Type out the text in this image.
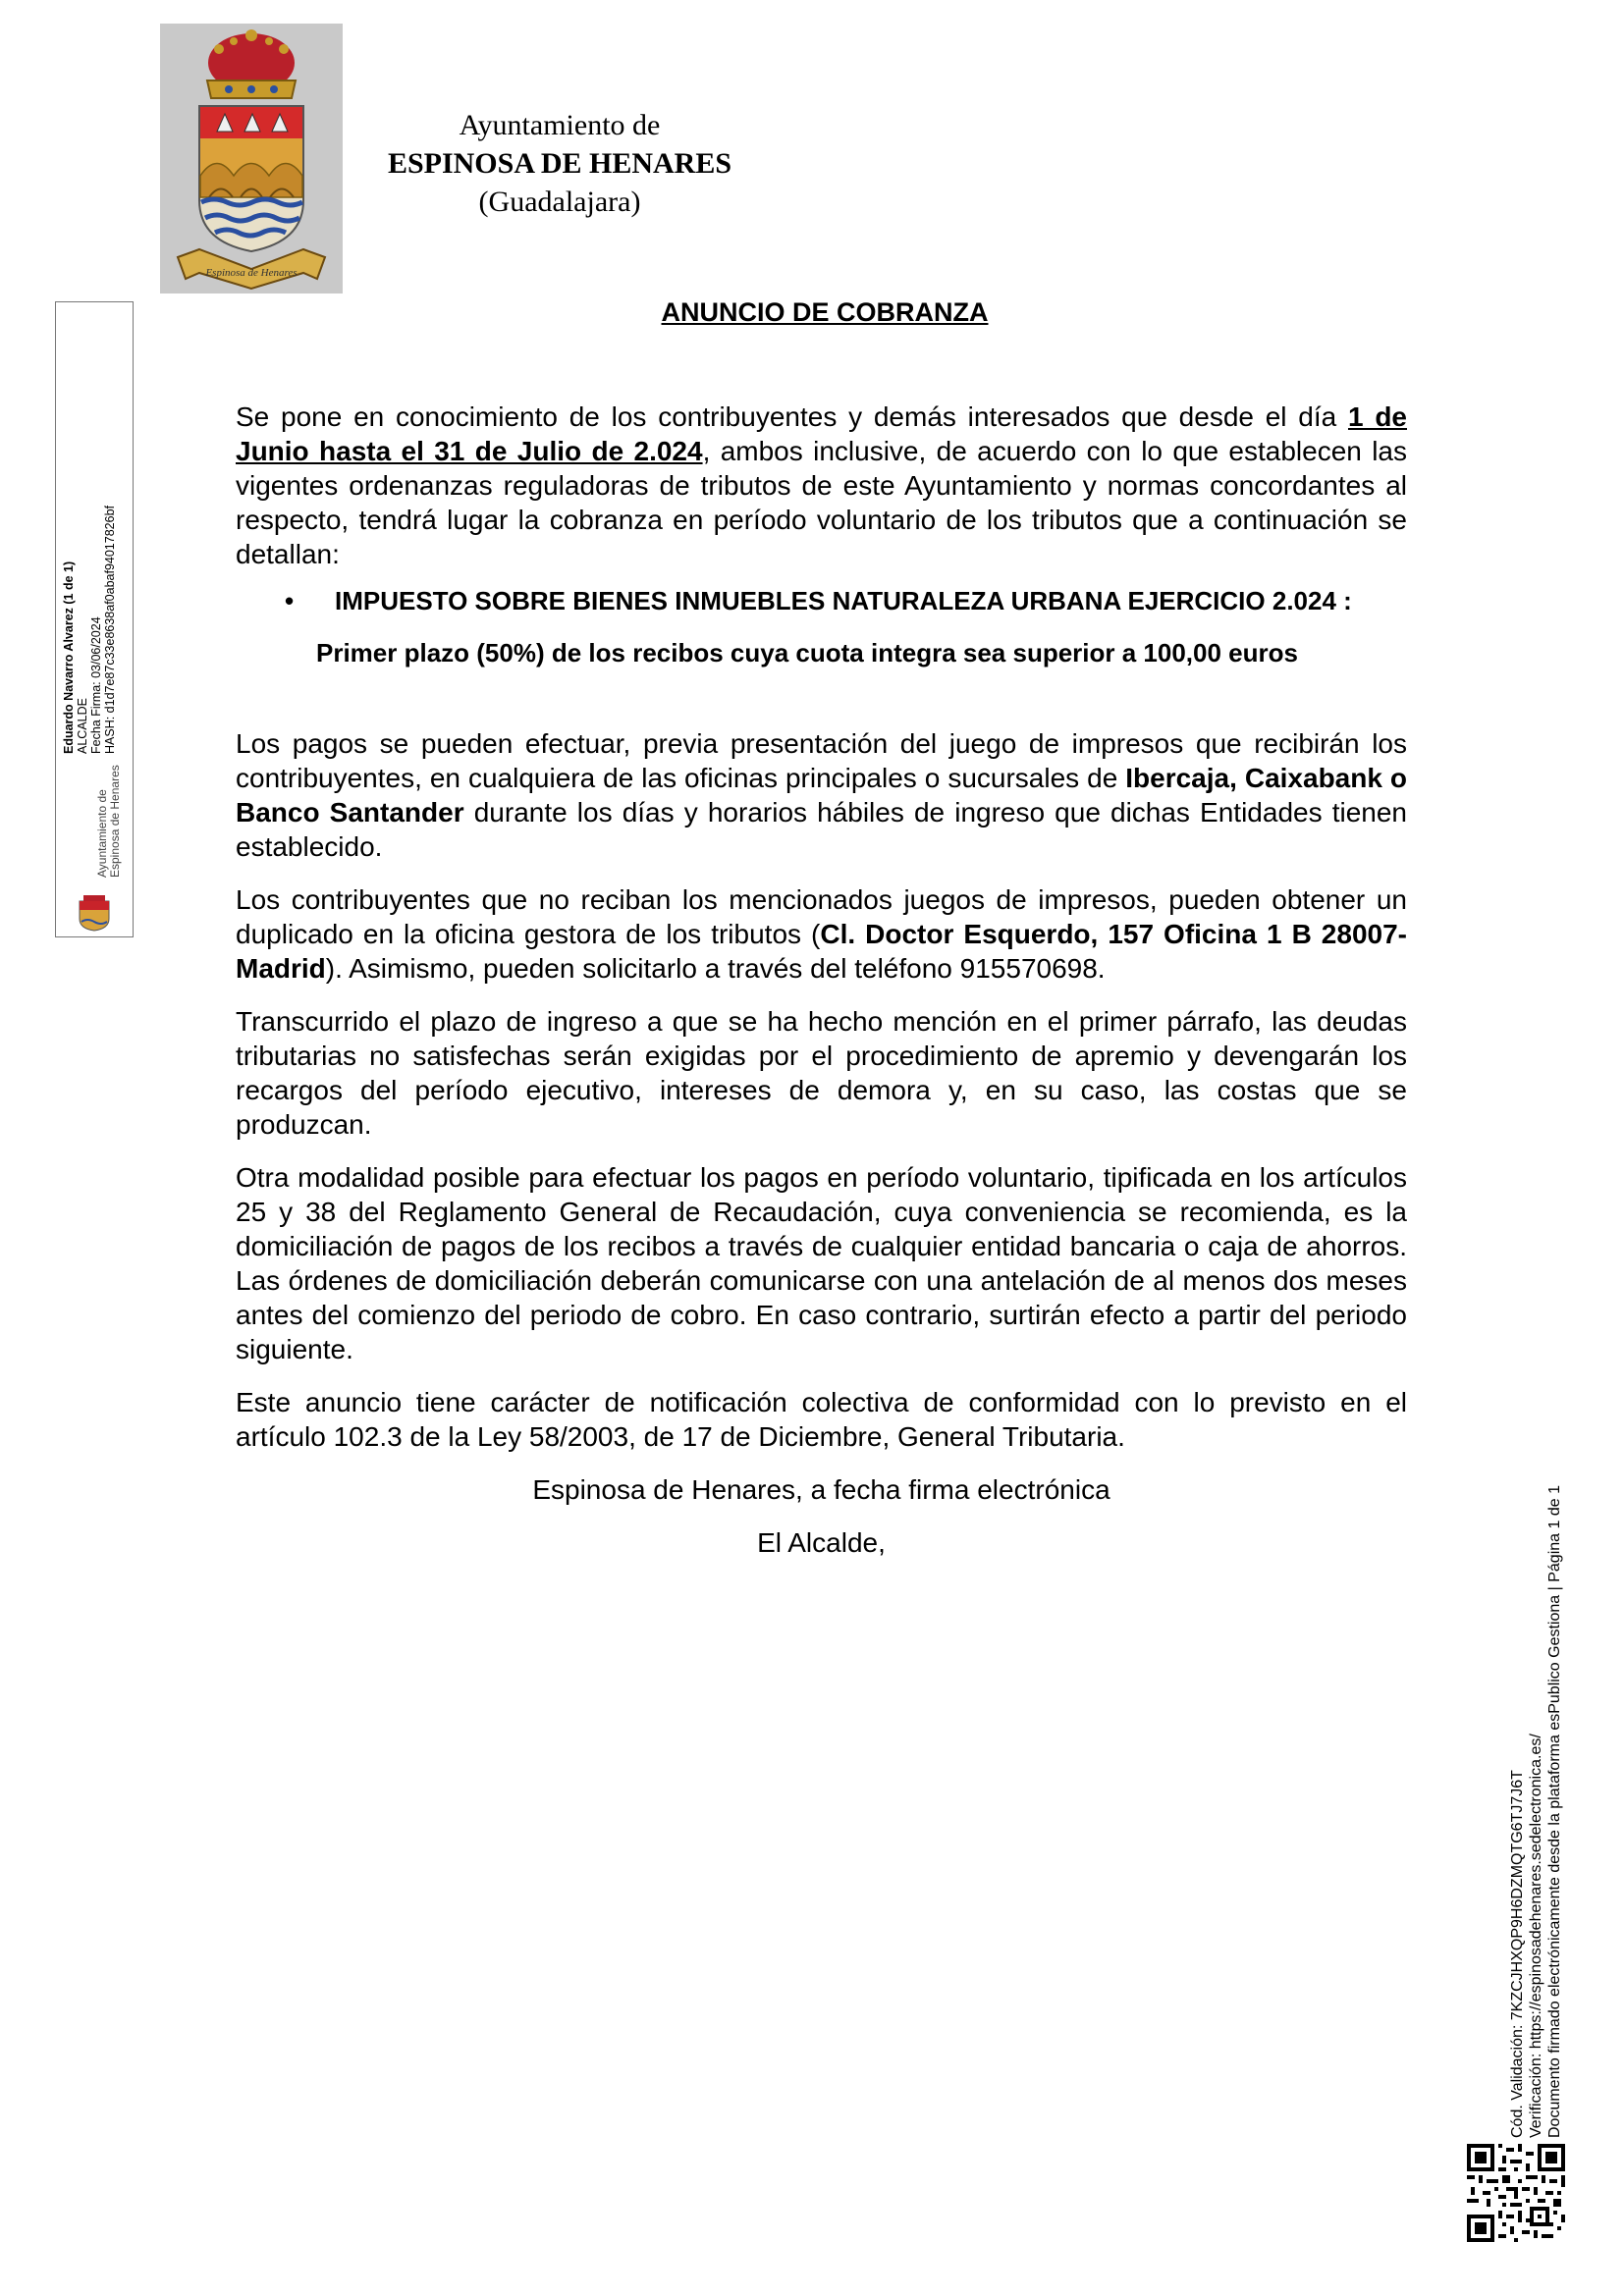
Espinosa de Henares
Ayuntamiento de
ESPINOSA DE HENARES
(Guadalajara)
ANUNCIO DE COBRANZA

Se pone en conocimiento de los contribuyentes y demás interesados que desde el día 1 de Junio hasta el 31 de Julio de 2.024, ambos inclusive, de acuerdo con lo que establecen las vigentes ordenanzas reguladoras de tributos de este Ayuntamiento y normas concordantes al respecto, tendrá lugar la cobranza en período voluntario de los tributos que a continuación se detallan:

• IMPUESTO SOBRE BIENES INMUEBLES NATURALEZA URBANA EJERCICIO 2.024 :
Primer plazo (50%) de los recibos cuya cuota integra sea superior a 100,00 euros

Los pagos se pueden efectuar, previa presentación del juego de impresos que recibirán los contribuyentes, en cualquiera de las oficinas principales o sucursales de Ibercaja, Caixabank o Banco Santander durante los días y horarios hábiles de ingreso que dichas Entidades tienen establecido.

Los contribuyentes que no reciban los mencionados juegos de impresos, pueden obtener un duplicado en la oficina gestora de los tributos (Cl. Doctor Esquerdo, 157 Oficina 1 B 28007-Madrid). Asimismo, pueden solicitarlo a través del teléfono 915570698.

Transcurrido el plazo de ingreso a que se ha hecho mención en el primer párrafo, las deudas tributarias no satisfechas serán exigidas por el procedimiento de apremio y devengarán los recargos del período ejecutivo, intereses de demora y, en su caso, las costas que se produzcan.

Otra modalidad posible para efectuar los pagos en período voluntario, tipificada en los artículos 25 y 38 del Reglamento General de Recaudación, cuya conveniencia se recomienda, es la domiciliación de pagos de los recibos a través de cualquier entidad bancaria o caja de ahorros. Las órdenes de domiciliación deberán comunicarse con una antelación de al menos dos meses antes del comienzo del periodo de cobro. En caso contrario, surtirán efecto a partir del periodo siguiente.

Este anuncio tiene carácter de notificación colectiva de conformidad con lo previsto en el artículo 102.3 de la Ley 58/2003, de 17 de Diciembre, General Tributaria.

Espinosa de Henares, a fecha firma electrónica

El Alcalde,

Ayuntamiento de Espinosa de Henares
Eduardo Navarro Alvarez (1 de 1) ALCALDE Fecha Firma: 03/06/2024 HASH: d1d7e87c33e8638af0abaf9401782​6bf
Cód. Validación: 7KZCJHXQP9H6DZMQTG6TJ7J6T Verificación: https://espinosadehenares.sedelectronica.es/ Documento firmado electrónicamente desde la plataforma esPublico Gestiona | Página 1 de 1
